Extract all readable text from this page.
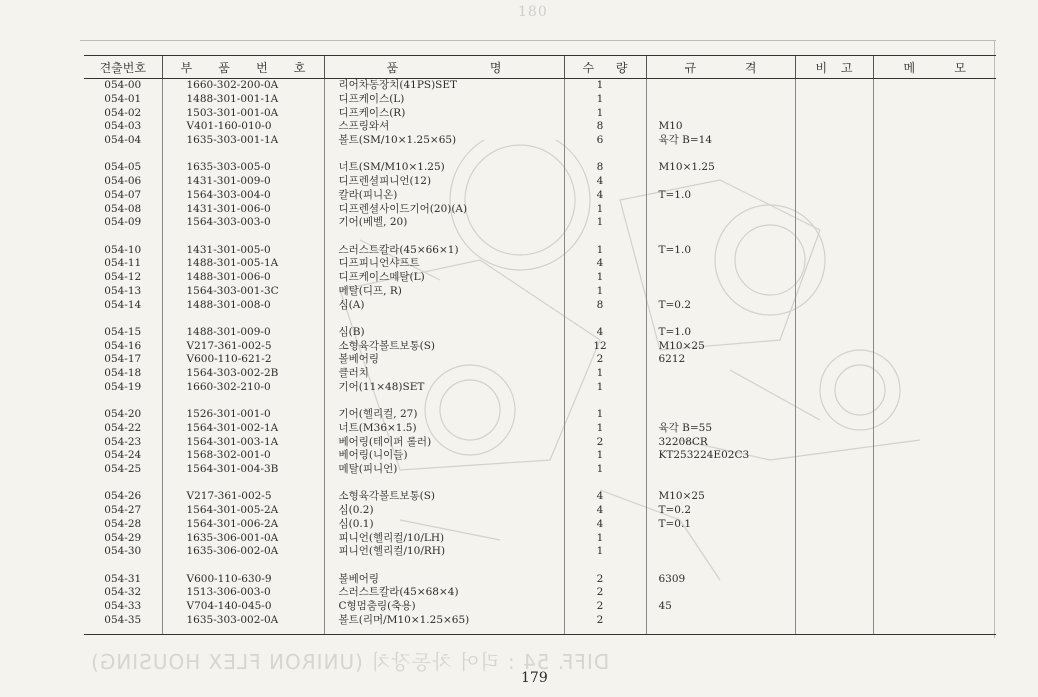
180
견출번호	부 품 번 호	품 명	수 량	규 격	비 고	메 모

054-00	1660-302-200-0A	리어차동장치(41PS)SET	1			
054-01	1488-301-001-1A	디프케이스(L)	1			
054-02	1503-301-001-0A	디프케이스(R)	1			
054-03	V401-160-010-0	스프링와셔	8	M10		
054-04	1635-303-001-1A	볼트(SM/10×1.25×65)	6	육각 B=14		

054-05	1635-303-005-0	너트(SM/M10×1.25)	8	M10×1.25		
054-06	1431-301-009-0	디프렌셜피니언(12)	4			
054-07	1564-303-004-0	칼라(피니온)	4	T=1.0		
054-08	1431-301-006-0	디프렌셜사이드기어(20)(A)	1			
054-09	1564-303-003-0	기어(베벨, 20)	1			

054-10	1431-301-005-0	스러스트칼라(45×66×1)	1	T=1.0		
054-11	1488-301-005-1A	디프피니언샤프트	4			
054-12	1488-301-006-0	디프케이스메탈(L)	1			
054-13	1564-303-001-3C	메탈(디프, R)	1			
054-14	1488-301-008-0	심(A)	8	T=0.2		

054-15	1488-301-009-0	심(B)	4	T=1.0		
054-16	V217-361-002-5	소형육각볼트보통(S)	12	M10×25		
054-17	V600-110-621-2	볼베어링	2	6212		
054-18	1564-303-002-2B	클러치	1			
054-19	1660-302-210-0	기어(11×48)SET	1			

054-20	1526-301-001-0	기어(헬리컬, 27)	1			
054-22	1564-301-002-1A	너트(M36×1.5)	1	육각 B=55		
054-23	1564-301-003-1A	베어링(테이퍼 롤러)	2	32208CR		
054-24	1568-302-001-0	베어링(니이들)	1	KT253224E02C3		
054-25	1564-301-004-3B	메탈(피니언)	1			

054-26	V217-361-002-5	소형육각볼트보통(S)	4	M10×25		
054-27	1564-301-005-2A	심(0.2)	4	T=0.2		
054-28	1564-301-006-2A	심(0.1)	4	T=0.1		
054-29	1635-306-001-0A	피니언(헬리컬/10/LH)	1			
054-30	1635-306-002-0A	피니언(헬리컬/10/RH)	1			

054-31	V600-110-630-9	볼베어링	2	6309		
054-32	1513-306-003-0	스러스트칼라(45×68×4)	2			
054-33	V704-140-045-0	C형멈춤링(축용)	2	45		
054-35	1635-303-002-0A	볼트(리머/M10×1.25×65)	2			

DIFF. 54 : 리어 차동장치 (UNIRON FLEX HOUSING)
179
